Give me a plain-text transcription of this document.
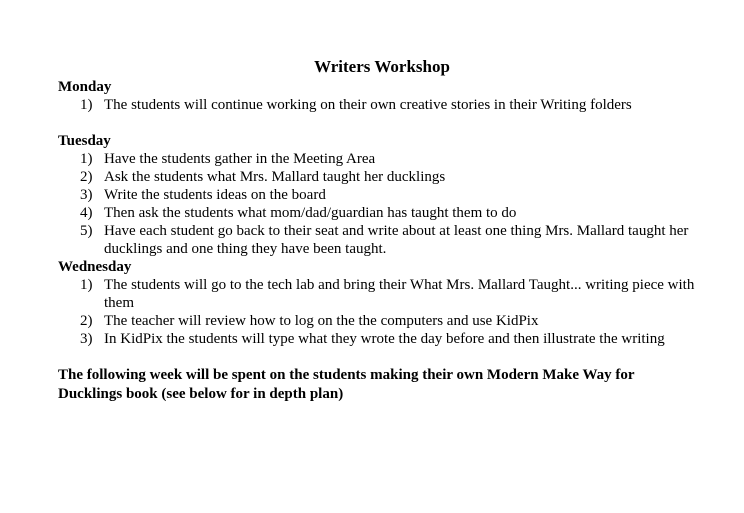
Writers Workshop
Monday
1) The students will continue working on their own creative stories in their Writing folders
Tuesday
1) Have the students gather in the Meeting Area
2) Ask the students what Mrs. Mallard taught her ducklings
3) Write the students ideas on the board
4) Then ask the students what mom/dad/guardian has taught them to do
5) Have each student go back to their seat and write about at least one thing Mrs. Mallard taught her ducklings and one thing they have been taught.
Wednesday
1) The students will go to the tech lab and bring their What Mrs. Mallard Taught... writing piece with them
2) The teacher will review how to log on the the computers and use KidPix
3) In KidPix the students will type what they wrote the day before and then illustrate the writing
The following week will be spent on the students making their own Modern Make Way for Ducklings book (see below for in depth plan)
